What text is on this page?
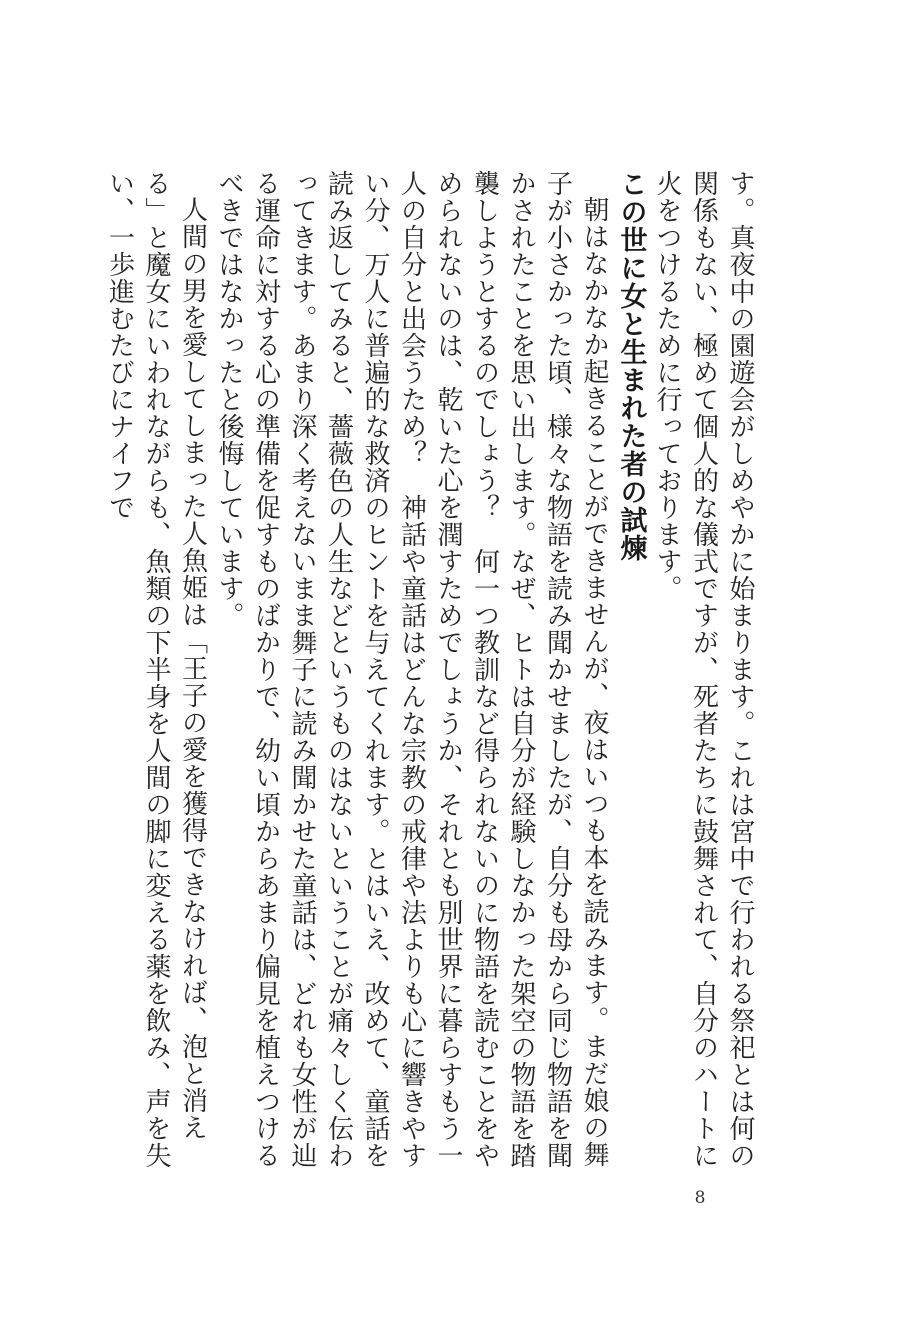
す。真夜中の園遊会がしめやかに始まります。これは宮中で行われる祭祀とは何の関係もない、極めて個人的な儀式ですが、死者たちに鼓舞されて、自分のハートに火をつけるために行っております。

この世に女と生まれた者の試煉

朝はなかなか起きることができませんが、夜はいつも本を読みます。まだ娘の舞子が小さかった頃、様々な物語を読み聞かせましたが、自分も母から同じ物語を聞かされたことを思い出します。なぜ、ヒトは自分が経験しなかった架空の物語を踏襲しようとするのでしょう？　何一つ教訓など得られないのに物語を読むことをやめられないのは、乾いた心を潤すためでしょうか、それとも別世界に暮らすもう一人の自分と出会うため？　神話や童話はどんな宗教の戒律や法よりも心に響きやすい分、万人に普遍的な救済のヒントを与えてくれます。とはいえ、改めて、童話を読み返してみると、薔薇色の人生などというものはないということが痛々しく伝わってきます。あまり深く考えないまま舞子に読み聞かせた童話は、どれも女性が辿る運命に対する心の準備を促すものばかりで、幼い頃からあまり偏見を植えつけるべきではなかったと後悔しています。

人間の男を愛してしまった人魚姫は「王子の愛を獲得できなければ、泡と消える」と魔女にいわれながらも、魚類の下半身を人間の脚に変える薬を飲み、声を失い、一歩進むたびにナイフで

8
